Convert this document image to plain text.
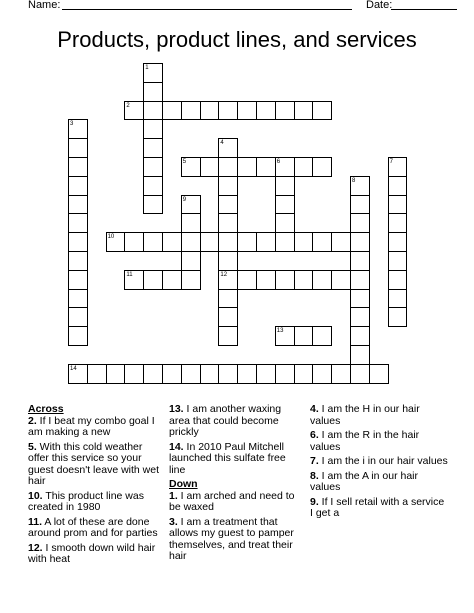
Name:	Date:
Products, product lines, and services
1
2
3
4
12
5	6	7
8
9
10
11
13
14
Across
2. If I beat my combo goal I am making a new
5. With this cold weather offer this service so your guest doesn't leave with wet hair
10. This product line was created in 1980
11. A lot of these are done around prom and for parties
12. I smooth down wild hair with heat
13. I am another waxing area that could become prickly
14. In 2010 Paul Mitchell launched this sulfate free line
Down
1. I am arched and need to be waxed
3. I am a treatment that allows my guest to pamper themselves, and treat their hair
4. I am the H in our hair values
6. I am the R in the hair values
7. I am the i in our hair values
8. I am the A in our hair values
9. If I sell retail with a service I get a
